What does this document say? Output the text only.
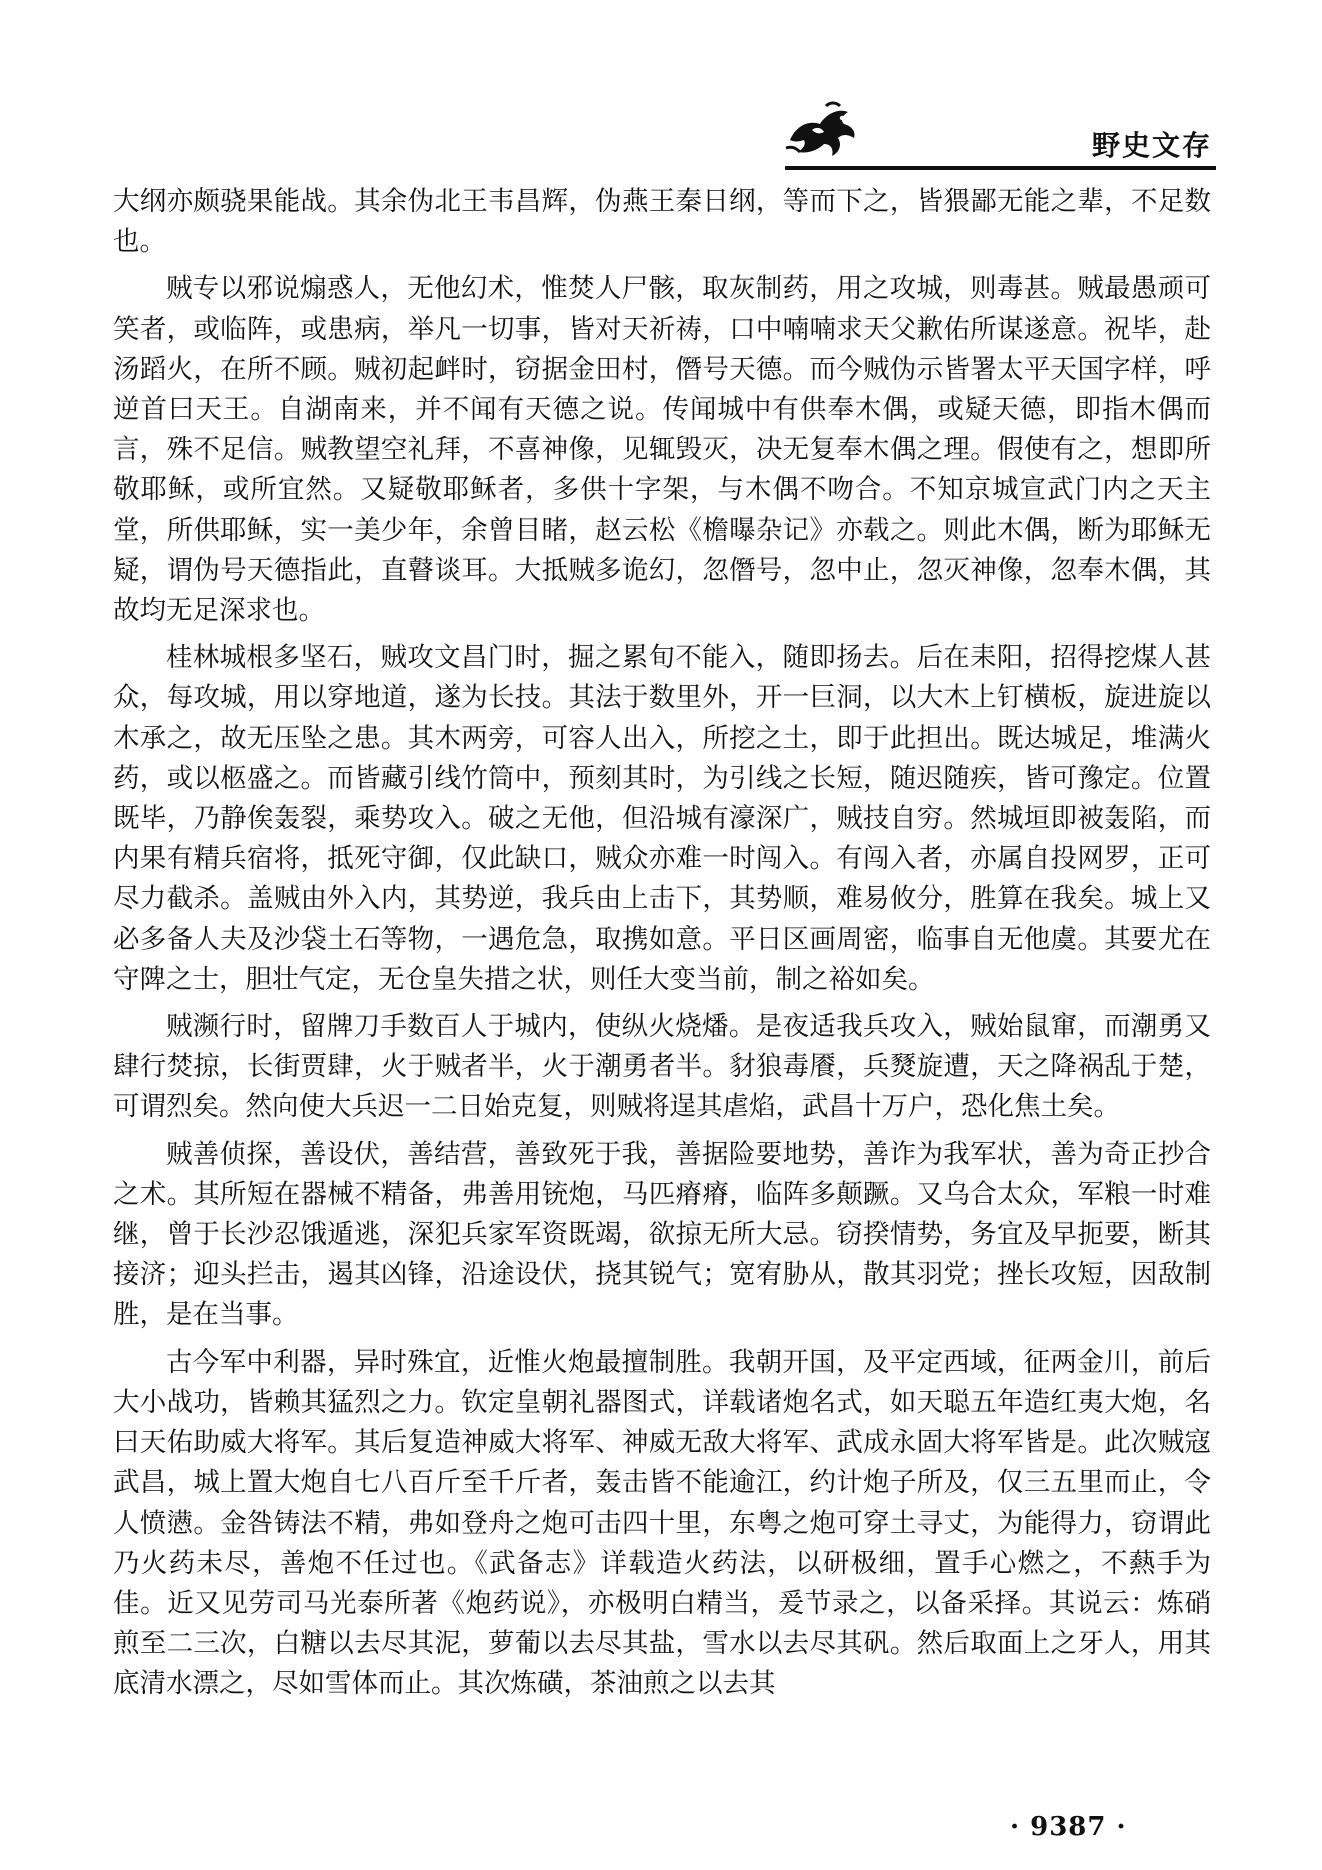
野史文存

大纲亦颇骁果能战。其余伪北王韦昌辉，伪燕王秦日纲，等而下之，皆猥鄙无能之辈，不足数也。

贼专以邪说煽惑人，无他幻术，惟焚人尸骸，取灰制药，用之攻城，则毒甚。贼最愚顽可笑者，或临阵，或患病，举凡一切事，皆对天祈祷，口中喃喃求天父歉佑所谋遂意。祝毕，赴汤蹈火，在所不顾。贼初起衅时，窃据金田村，僭号天德。而今贼伪示皆署太平天国字样，呼逆首曰天王。自湖南来，并不闻有天德之说。传闻城中有供奉木偶，或疑天德，即指木偶而言，殊不足信。贼教望空礼拜，不喜神像，见辄毁灭，决无复奉木偶之理。假使有之，想即所敬耶稣，或所宜然。又疑敬耶稣者，多供十字架，与木偶不吻合。不知京城宣武门内之天主堂，所供耶稣，实一美少年，余曾目睹，赵云松《檐曝杂记》亦载之。则此木偶，断为耶稣无疑，谓伪号天德指此，直瞽谈耳。大抵贼多诡幻，忽僭号，忽中止，忽灭神像，忽奉木偶，其故均无足深求也。

桂林城根多坚石，贼攻文昌门时，掘之累旬不能入，随即扬去。后在耒阳，招得挖煤人甚众，每攻城，用以穿地道，遂为长技。其法于数里外，开一巨洞，以大木上钉横板，旋进旋以木承之，故无压坠之患。其木两旁，可容人出入，所挖之土，即于此担出。既达城足，堆满火药，或以柩盛之。而皆藏引线竹筒中，预刻其时，为引线之长短，随迟随疾，皆可豫定。位置既毕，乃静俟轰裂，乘势攻入。破之无他，但沿城有濠深广，贼技自穷。然城垣即被轰陷，而内果有精兵宿将，抵死守御，仅此缺口，贼众亦难一时闯入。有闯入者，亦属自投网罗，正可尽力截杀。盖贼由外入内，其势逆，我兵由上击下，其势顺，难易攸分，胜算在我矣。城上又必多备人夫及沙袋土石等物，一遇危急，取携如意。平日区画周密，临事自无他虞。其要尤在守陴之士，胆壮气定，无仓皇失措之状，则任大变当前，制之裕如矣。

贼濒行时，留牌刀手数百人于城内，使纵火烧燔。是夜适我兵攻入，贼始鼠窜，而潮勇又肆行焚掠，长街贾肆，火于贼者半，火于潮勇者半。豺狼毒餍，兵燹旋遭，天之降祸乱于楚，可谓烈矣。然向使大兵迟一二日始克复，则贼将逞其虐焰，武昌十万户，恐化焦土矣。

贼善侦探，善设伏，善结营，善致死于我，善据险要地势，善诈为我军状，善为奇正抄合之术。其所短在器械不精备，弗善用铳炮，马匹瘠瘠，临阵多颠蹶。又乌合太众，军粮一时难继，曾于长沙忍饿遁逃，深犯兵家军资既竭，欲掠无所大忌。窃揆情势，务宜及早扼要，断其接济；迎头拦击，遏其凶锋，沿途设伏，挠其锐气；宽宥胁从，散其羽党；挫长攻短，因敌制胜，是在当事。

古今军中利器，异时殊宜，近惟火炮最擅制胜。我朝开国，及平定西域，征两金川，前后大小战功，皆赖其猛烈之力。钦定皇朝礼器图式，详载诸炮名式，如天聪五年造红夷大炮，名曰天佑助威大将军。其后复造神威大将军、神威无敌大将军、武成永固大将军皆是。此次贼寇武昌，城上置大炮自七八百斤至千斤者，轰击皆不能逾江，约计炮子所及，仅三五里而止，令人愤懑。金咎铸法不精，弗如登舟之炮可击四十里，东粤之炮可穿土寻丈，为能得力，窃谓此乃火药未尽，善炮不任过也。《武备志》详载造火药法，以研极细，置手心燃之，不爇手为佳。近又见劳司马光泰所著《炮药说》，亦极明白精当，爰节录之，以备采择。其说云：炼硝煎至二三次，白糖以去尽其泥，萝葡以去尽其盐，雪水以去尽其矾。然后取面上之牙人，用其底清水漂之，尽如雪体而止。其次炼磺，茶油煎之以去其

· 9387 ·
